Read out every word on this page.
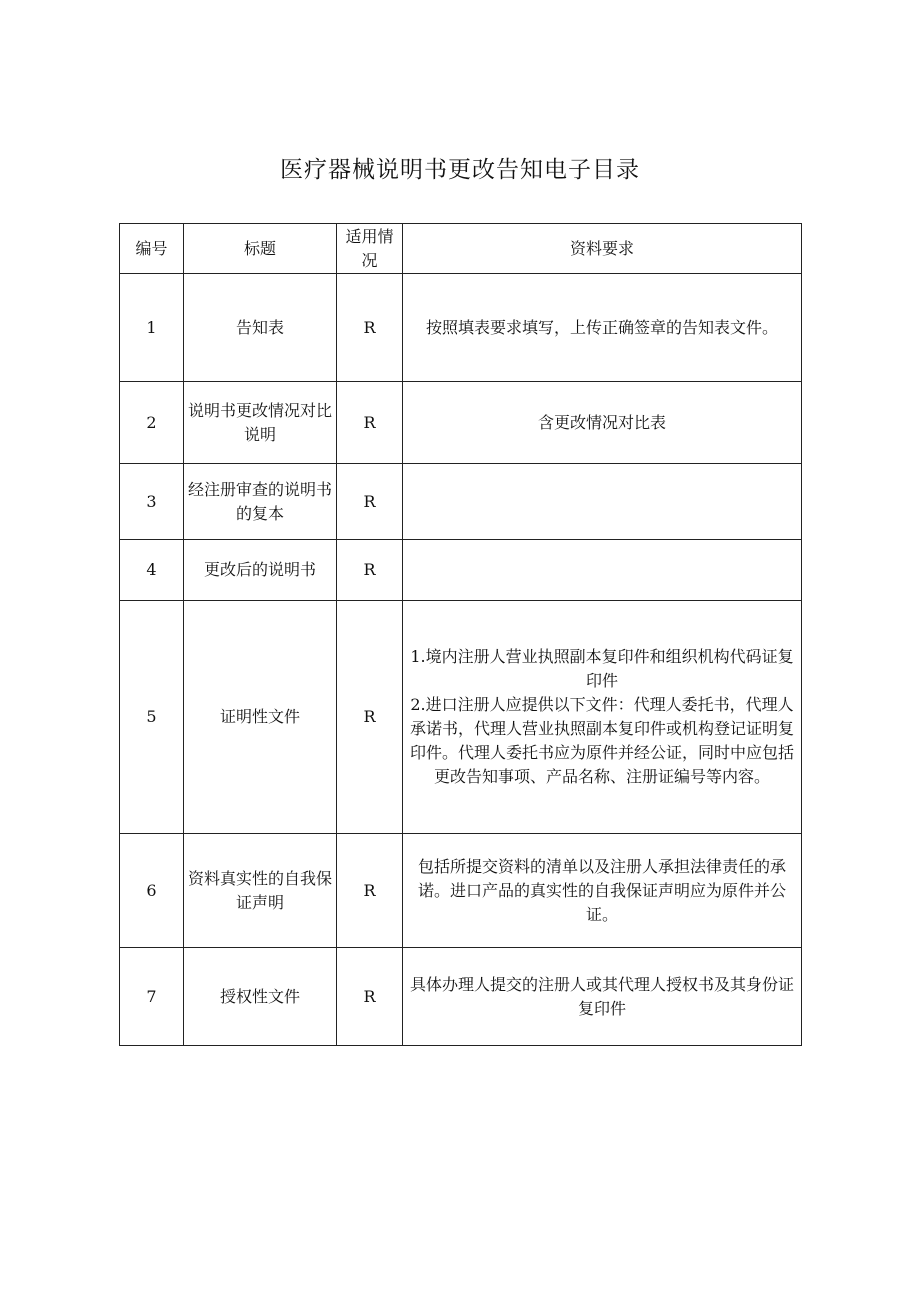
医疗器械说明书更改告知电子目录
编号	标题	适用情况	资料要求
1	告知表	R	按照填表要求填写，上传正确签章的告知表文件。

2	说明书更改情况对比说明	R	含更改情况对比表

3	经注册审查的说明书的复本	R	

4	更改后的说明书	R	

5	证明性文件	R	1.境内注册人营业执照副本复印件和组织机构代码证复印件
2.进口注册人应提供以下文件：代理人委托书，代理人承诺书，代理人营业执照副本复印件或机构登记证明复印件。代理人委托书应为原件并经公证，同时中应包括更改告知事项、产品名称、注册证编号等内容。

6	资料真实性的自我保证声明	R	包括所提交资料的清单以及注册人承担法律责任的承诺。进口产品的真实性的自我保证声明应为原件并公证。

7	授权性文件	R	具体办理人提交的注册人或其代理人授权书及其身份证复印件
